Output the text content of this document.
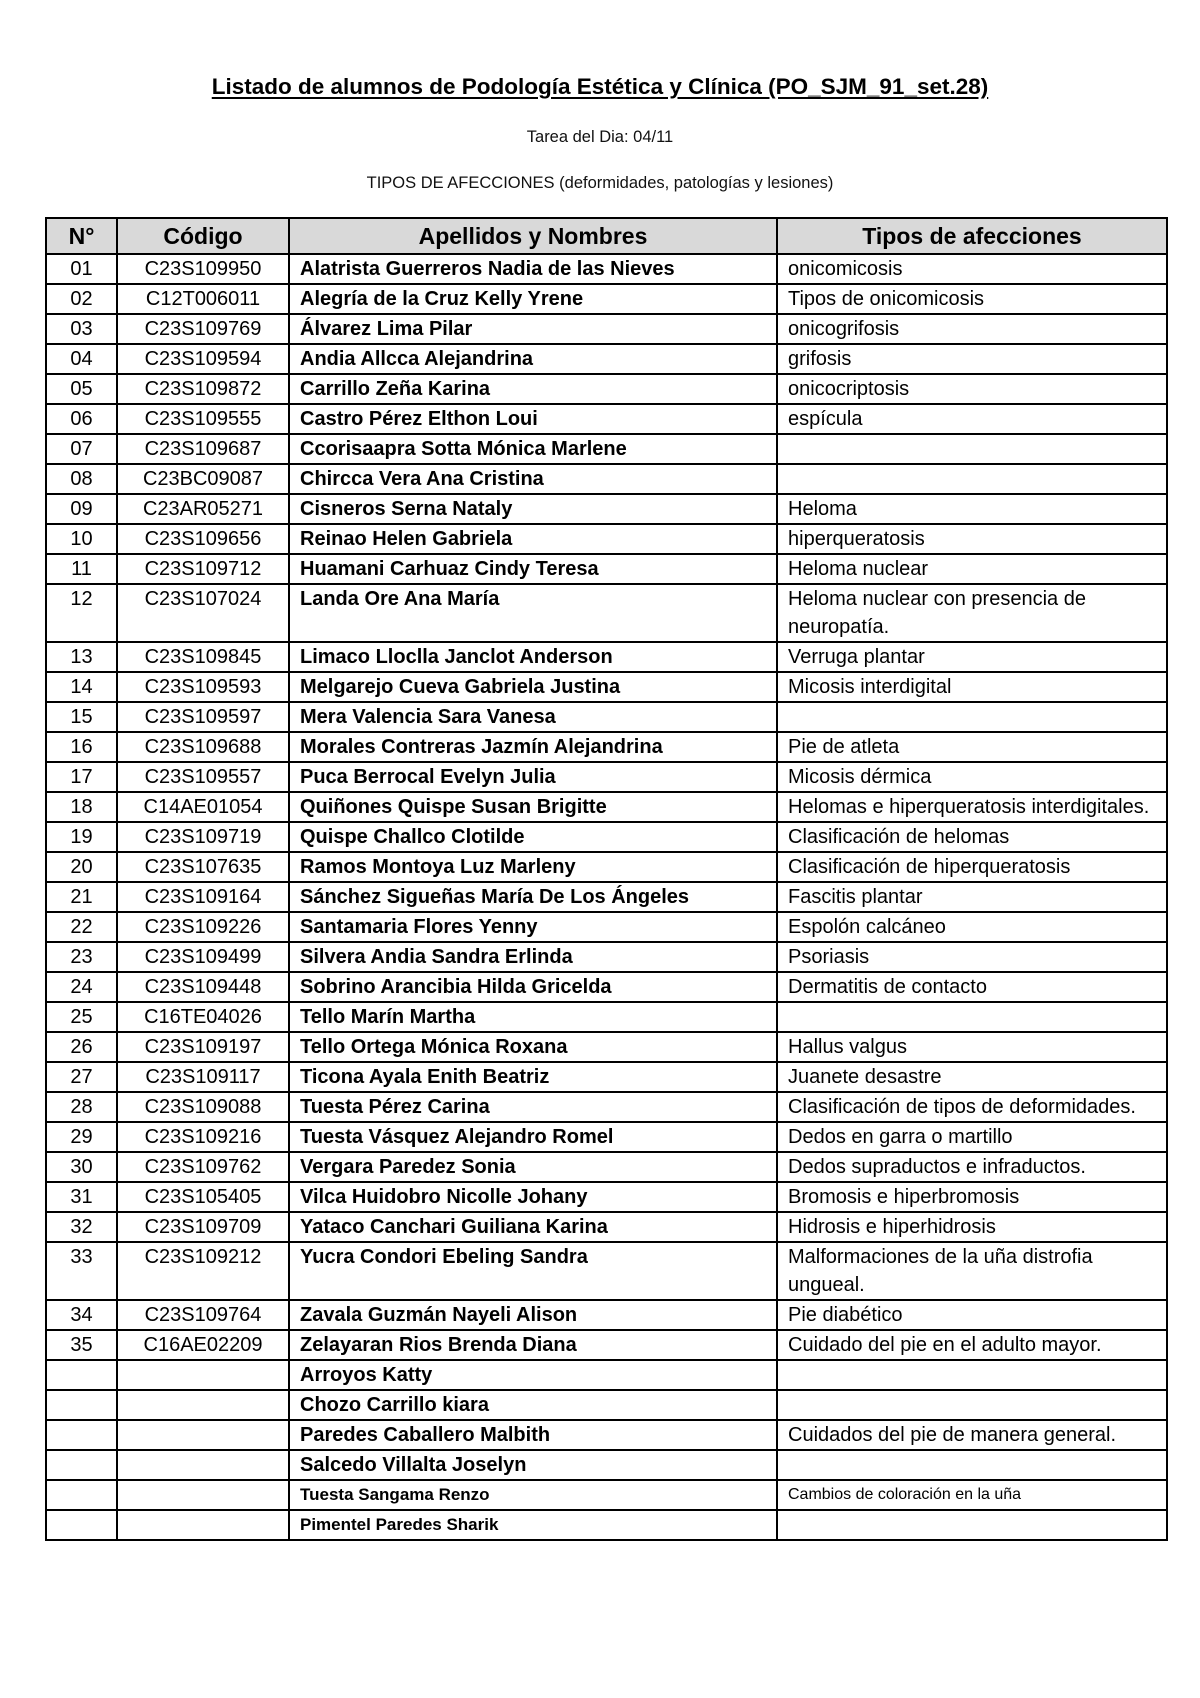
Listado de alumnos de Podología Estética y Clínica (PO_SJM_91_set.28)
Tarea del Dia: 04/11
TIPOS DE AFECCIONES (deformidades, patologías y lesiones)
N°	Código	Apellidos y Nombres	Tipos de afecciones
01	C23S109950	Alatrista Guerreros Nadia de las Nieves	onicomicosis
02	C12T006011	Alegría de la Cruz Kelly Yrene	Tipos de onicomicosis
03	C23S109769	Álvarez Lima Pilar	onicogrifosis
04	C23S109594	Andia Allcca Alejandrina	grifosis
05	C23S109872	Carrillo Zeña Karina	onicocriptosis
06	C23S109555	Castro Pérez Elthon Loui	espícula
07	C23S109687	Ccorisaapra Sotta Mónica Marlene	
08	C23BC09087	Chircca Vera Ana Cristina	
09	C23AR05271	Cisneros Serna Nataly	Heloma
10	C23S109656	Reinao Helen Gabriela	hiperqueratosis
11	C23S109712	Huamani Carhuaz Cindy Teresa	Heloma nuclear
12	C23S107024	Landa Ore Ana María	Heloma nuclear con presencia de neuropatía.
13	C23S109845	Limaco Lloclla Janclot Anderson	Verruga plantar
14	C23S109593	Melgarejo Cueva Gabriela Justina	Micosis interdigital
15	C23S109597	Mera Valencia Sara Vanesa	
16	C23S109688	Morales Contreras Jazmín Alejandrina	Pie de atleta
17	C23S109557	Puca Berrocal Evelyn Julia	Micosis dérmica
18	C14AE01054	Quiñones Quispe Susan Brigitte	Helomas e hiperqueratosis interdigitales.
19	C23S109719	Quispe Challco Clotilde	Clasificación de helomas
20	C23S107635	Ramos Montoya Luz Marleny	Clasificación de hiperqueratosis
21	C23S109164	Sánchez Sigueñas María De Los Ángeles	Fascitis plantar
22	C23S109226	Santamaria Flores Yenny	Espolón calcáneo
23	C23S109499	Silvera Andia Sandra Erlinda	Psoriasis
24	C23S109448	Sobrino Arancibia Hilda Gricelda	Dermatitis de contacto
25	C16TE04026	Tello Marín Martha	
26	C23S109197	Tello Ortega Mónica Roxana	Hallus valgus
27	C23S109117	Ticona Ayala Enith Beatriz	Juanete desastre
28	C23S109088	Tuesta Pérez Carina	Clasificación de tipos de deformidades.
29	C23S109216	Tuesta Vásquez Alejandro Romel	Dedos en garra o martillo
30	C23S109762	Vergara Paredez Sonia	Dedos supraductos e infraductos.
31	C23S105405	Vilca Huidobro Nicolle Johany	Bromosis e hiperbromosis
32	C23S109709	Yataco Canchari Guiliana Karina	Hidrosis e hiperhidrosis
33	C23S109212	Yucra Condori Ebeling Sandra	Malformaciones de la uña distrofia ungueal.
34	C23S109764	Zavala Guzmán Nayeli Alison	Pie diabético
35	C16AE02209	Zelayaran Rios Brenda Diana	Cuidado del pie en el adulto mayor.
		Arroyos Katty	
		Chozo Carrillo kiara	
		Paredes Caballero Malbith	Cuidados del pie de manera general.
		Salcedo Villalta Joselyn	
		Tuesta Sangama Renzo	Cambios de coloración en la uña
		Pimentel Paredes Sharik	
